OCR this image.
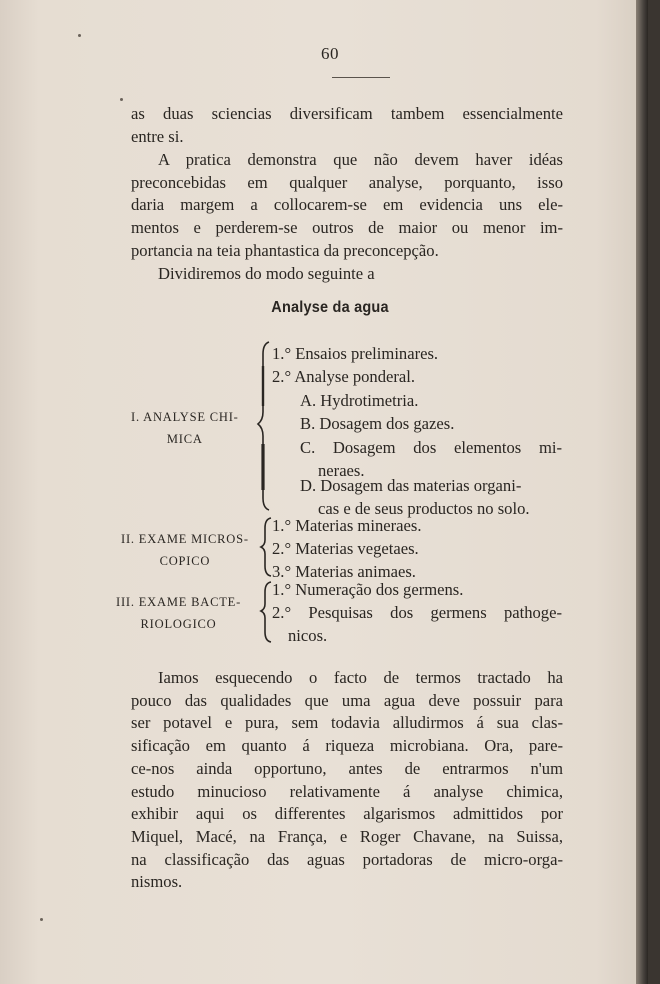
60
as duas sciencias diversificam tambem essencialmente
entre si.
A pratica demonstra que não devem haver idéas
preconcebidas em qualquer analyse, porquanto, isso
daria margem a collocarem-se em evidencia uns ele-
mentos e perderem-se outros de maior ou menor im-
portancia na teia phantastica da preconcepção.
Dividiremos do modo seguinte a
Analyse da agua
I. ANALYSE CHI-
MICA
1.° Ensaios preliminares.
2.° Analyse ponderal.
A. Hydrotimetria.
B. Dosagem dos gazes.
C. Dosagem dos elementos mi-
neraes.
D. Dosagem das materias organi-
cas e de seus productos no solo.
II. EXAME MICROS-
COPICO
1.° Materias mineraes.
2.° Materias vegetaes.
3.° Materias animaes.
III. EXAME BACTE-
RIOLOGICO
1.° Numeração dos germens.
2.° Pesquisas dos germens pathoge-
nicos.
Iamos esquecendo o facto de termos tractado ha
pouco das qualidades que uma agua deve possuir para
ser potavel e pura, sem todavia alludirmos á sua clas-
sificação em quanto á riqueza microbiana. Ora, pare-
ce-nos ainda opportuno, antes de entrarmos n'um
estudo minucioso relativamente á analyse chimica,
exhibir aqui os differentes algarismos admittidos por
Miquel, Macé, na França, e Roger Chavane, na Suissa,
na classificação das aguas portadoras de micro-orga-
nismos.
